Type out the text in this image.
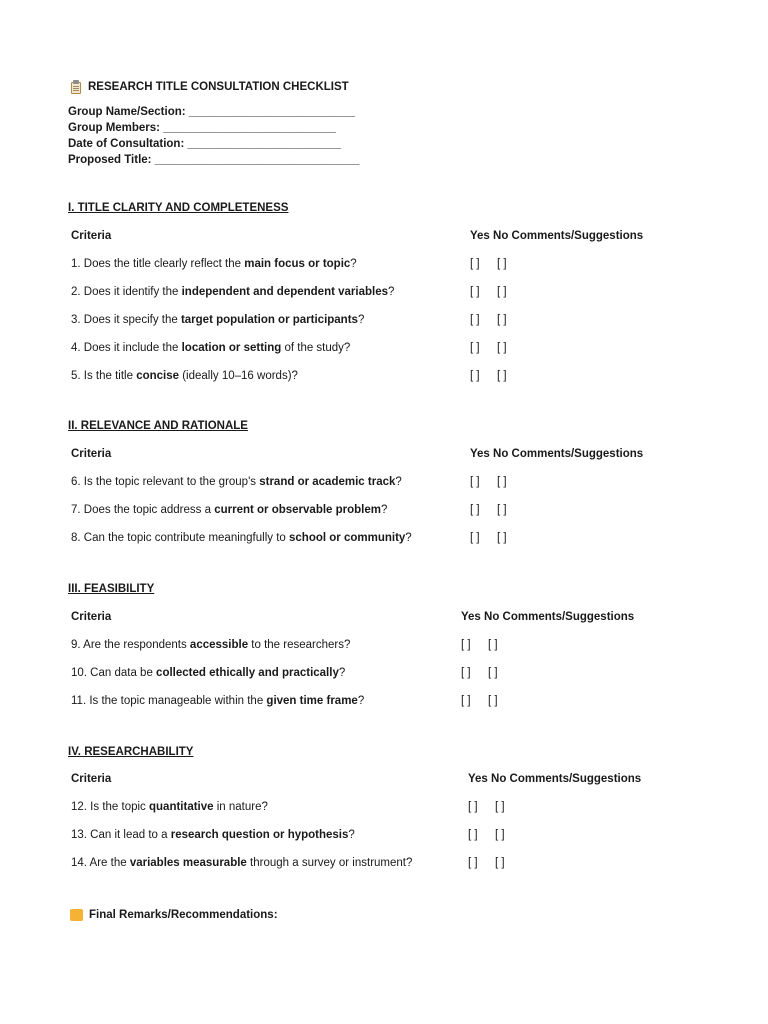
RESEARCH TITLE CONSULTATION CHECKLIST
Group Name/Section: __________________________
Group Members: ___________________________
Date of Consultation: ________________________
Proposed Title: ________________________________
I. TITLE CLARITY AND COMPLETENESS
Criteria	Yes No Comments/Suggestions
1. Does the title clearly reflect the main focus or topic?	[ ] [ ]
2. Does it identify the independent and dependent variables?	[ ] [ ]
3. Does it specify the target population or participants?	[ ] [ ]
4. Does it include the location or setting of the study?	[ ] [ ]
5. Is the title concise (ideally 10–16 words)?	[ ] [ ]
II. RELEVANCE AND RATIONALE
Criteria	Yes No Comments/Suggestions
6. Is the topic relevant to the group's strand or academic track?	[ ] [ ]
7. Does the topic address a current or observable problem?	[ ] [ ]
8. Can the topic contribute meaningfully to school or community?	[ ] [ ]
III. FEASIBILITY
Criteria	Yes No Comments/Suggestions
9. Are the respondents accessible to the researchers?	[ ] [ ]
10. Can data be collected ethically and practically?	[ ] [ ]
11. Is the topic manageable within the given time frame?	[ ] [ ]
IV. RESEARCHABILITY
Criteria	Yes No Comments/Suggestions
12. Is the topic quantitative in nature?	[ ] [ ]
13. Can it lead to a research question or hypothesis?	[ ] [ ]
14. Are the variables measurable through a survey or instrument?	[ ] [ ]
Final Remarks/Recommendations:
